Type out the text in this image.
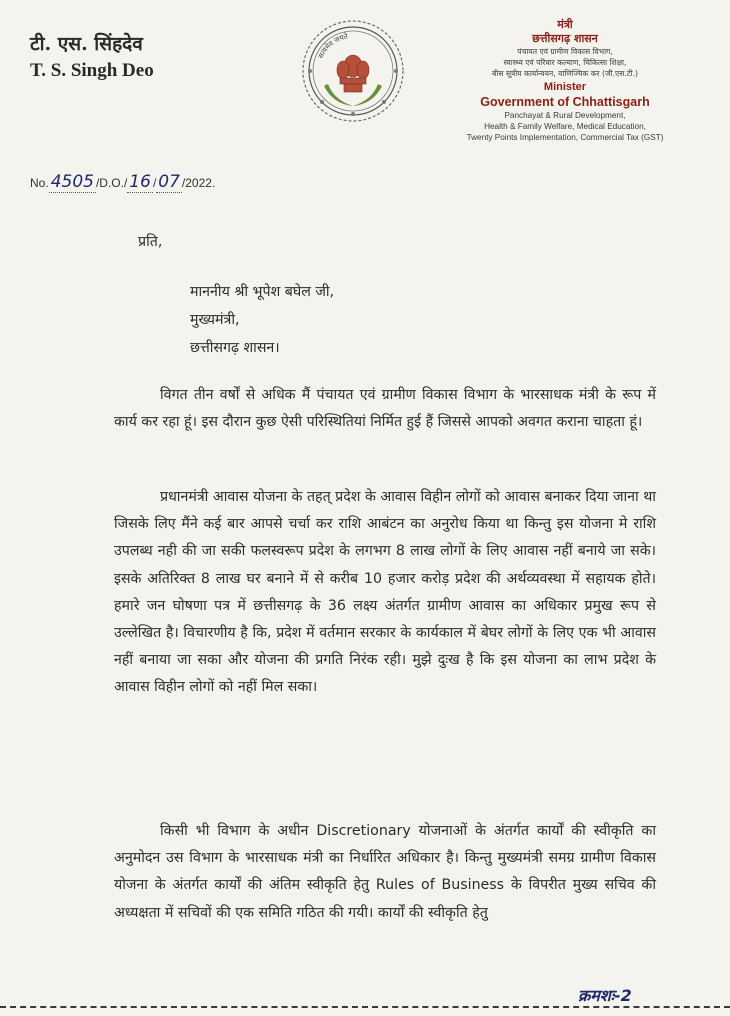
टी. एस. सिंहदेव
T. S. Singh Deo
सत्यमेव जयते
मंत्री
छत्तीसगढ़ शासन
पंचायत एवं ग्रामीण विकास विभाग,
स्वास्थ्य एवं परिवार कल्याण, चिकित्सा शिक्षा,
बीस सूत्रीय कार्यान्वयन, वाणिज्यिक कर (जी.एस.टी.)
Minister
Government of Chhattisgarh
Panchayat & Rural Development,
Health & Family Welfare, Medical Education,
Twenty Points Implementation, Commercial Tax (GST)
No. 4505 /D.O./ 16 / 07 /2022.
प्रति,
माननीय श्री भूपेश बघेल जी,
मुख्यमंत्री,
छत्तीसगढ़ शासन।
विगत तीन वर्षों से अधिक मैं पंचायत एवं ग्रामीण विकास विभाग के भारसाधक मंत्री के रूप में कार्य कर रहा हूं। इस दौरान कुछ ऐसी परिस्थितियां निर्मित हुई हैं जिससे आपको अवगत कराना चाहता हूं।
प्रधानमंत्री आवास योजना के तहत् प्रदेश के आवास विहीन लोगों को आवास बनाकर दिया जाना था जिसके लिए मैंने कई बार आपसे चर्चा कर राशि आबंटन का अनुरोध किया था किन्तु इस योजना मे राशि उपलब्ध नही की जा सकी फलस्वरूप प्रदेश के लगभग 8 लाख लोगों के लिए आवास नहीं बनाये जा सके। इसके अतिरिक्त 8 लाख घर बनाने में से करीब 10 हजार करोड़ प्रदेश की अर्थव्यवस्था में सहायक होते। हमारे जन घोषणा पत्र में छत्तीसगढ़ के 36 लक्ष्य अंतर्गत ग्रामीण आवास का अधिकार प्रमुख रूप से उल्लेखित है। विचारणीय है कि, प्रदेश में वर्तमान सरकार के कार्यकाल में बेघर लोगों के लिए एक भी आवास नहीं बनाया जा सका और योजना की प्रगति निरंक रही। मुझे दुःख है कि इस योजना का लाभ प्रदेश के आवास विहीन लोगों को नहीं मिल सका।
किसी भी विभाग के अधीन Discretionary योजनाओं के अंतर्गत कार्यों की स्वीकृति का अनुमोदन उस विभाग के भारसाधक मंत्री का निर्धारित अधिकार है। किन्तु मुख्यमंत्री समग्र ग्रामीण विकास योजना के अंतर्गत कार्यों की अंतिम स्वीकृति हेतु Rules of Business के विपरीत मुख्य सचिव की अध्यक्षता में सचिवों की एक समिति गठित की गयी। कार्यों की स्वीकृति हेतु
क्रमशः-2
